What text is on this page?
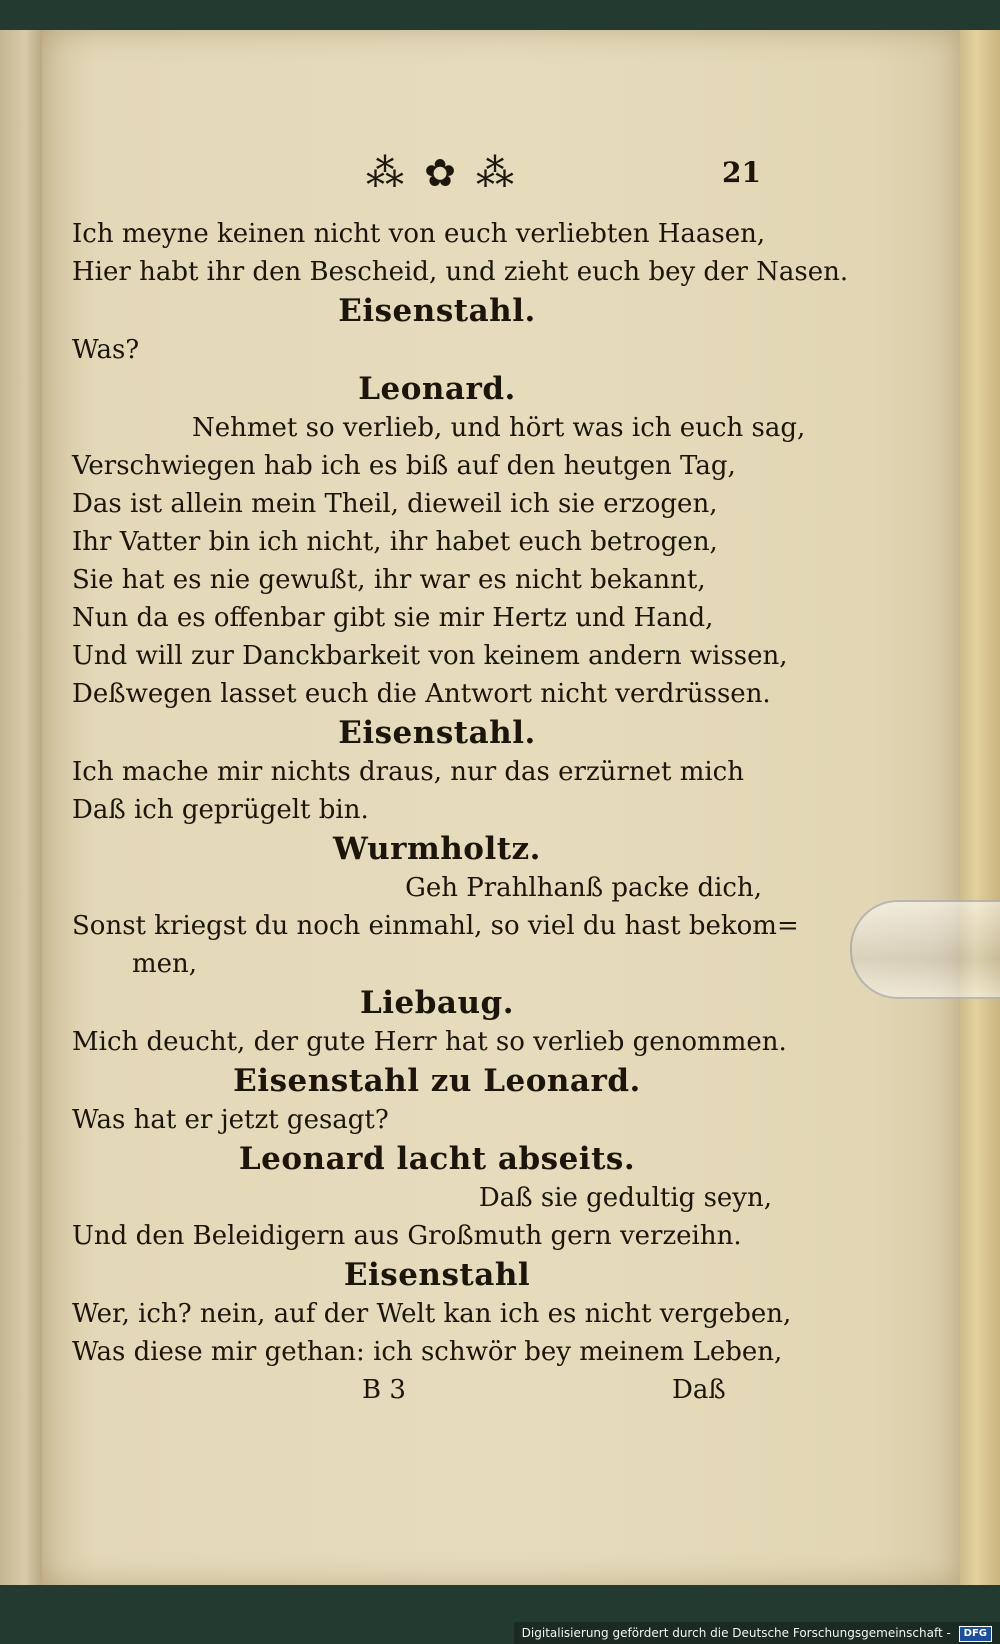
⁂ ✿ ⁂	21
Ich meyne keinen nicht von euch verliebten Haasen,
Hier habt ihr den Bescheid, und zieht euch bey der Nasen.
Eisenstahl.
Was?
Leonard.
Nehmet so verlieb, und hört was ich euch sag,
Verschwiegen hab ich es biß auf den heutgen Tag,
Das ist allein mein Theil, dieweil ich sie erzogen,
Ihr Vatter bin ich nicht, ihr habet euch betrogen,
Sie hat es nie gewußt, ihr war es nicht bekannt,
Nun da es offenbar gibt sie mir Hertz und Hand,
Und will zur Danckbarkeit von keinem andern wissen,
Deßwegen lasset euch die Antwort nicht verdrüssen.
Eisenstahl.
Ich mache mir nichts draus, nur das erzürnet mich
Daß ich geprügelt bin.
Wurmholtz.
Geh Prahlhanß packe dich,
Sonst kriegst du noch einmahl, so viel du hast bekom=
men,
Liebaug.
Mich deucht, der gute Herr hat so verlieb genommen.
Eisenstahl zu Leonard.
Was hat er jetzt gesagt?
Leonard lacht abseits.
Daß sie gedultig seyn,
Und den Beleidigern aus Großmuth gern verzeihn.
Eisenstahl
Wer, ich? nein, auf der Welt kan ich es nicht vergeben,
Was diese mir gethan: ich schwör bey meinem Leben,
B 3	Daß
Digitalisierung gefördert durch die Deutsche Forschungsgemeinschaft - DFG
